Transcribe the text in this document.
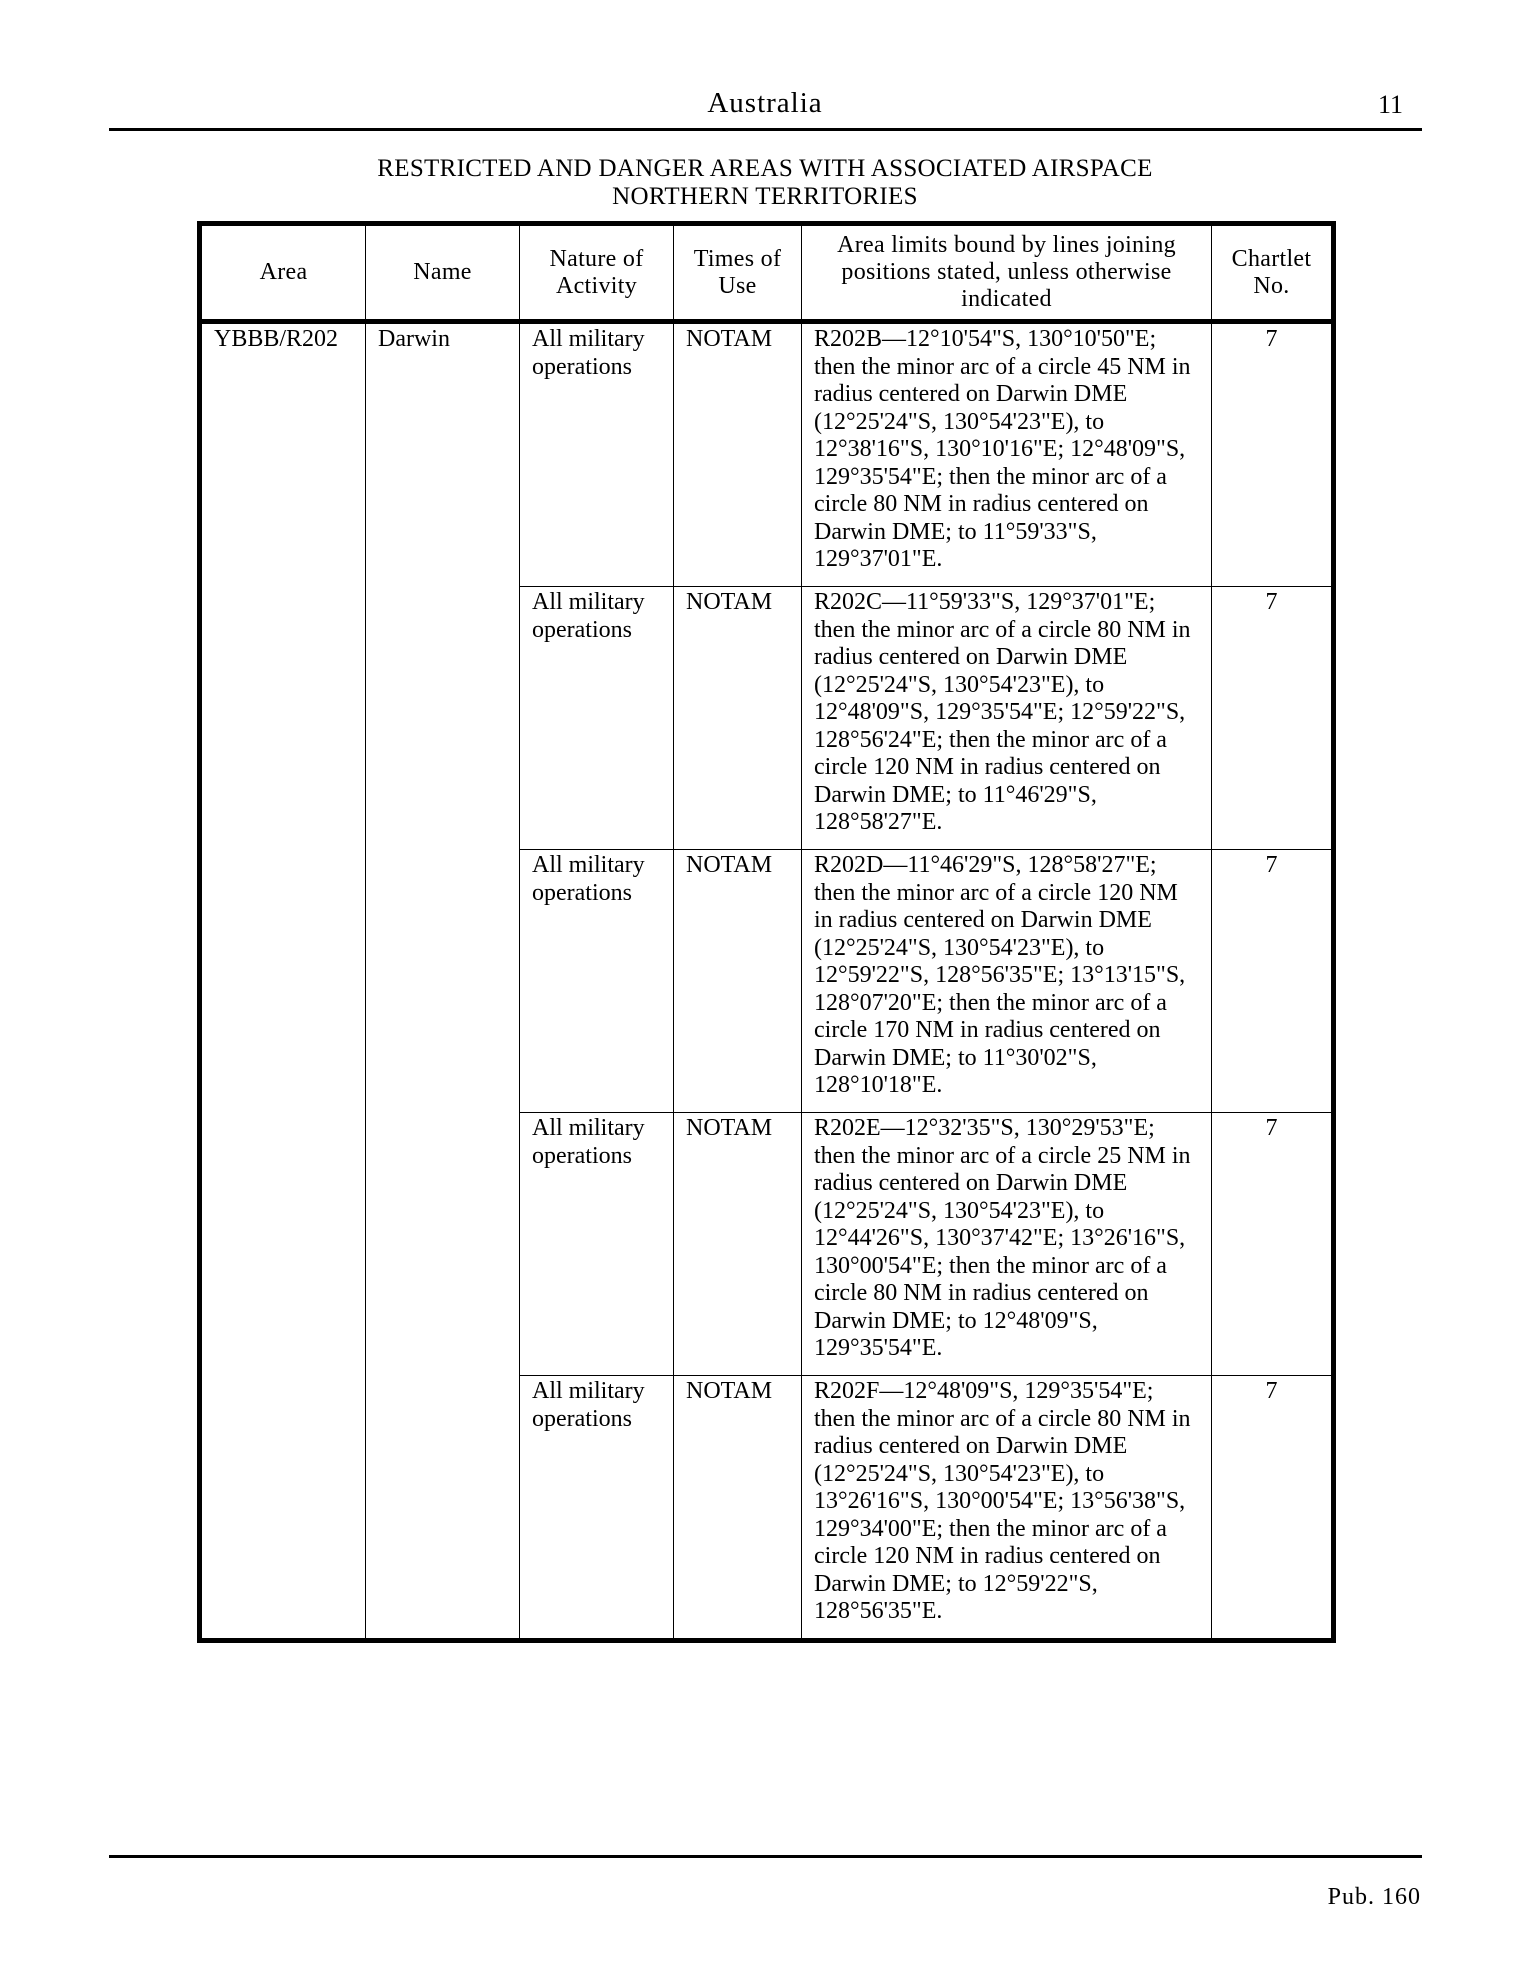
Australia	11
RESTRICTED AND DANGER AREAS WITH ASSOCIATED AIRSPACE
NORTHERN TERRITORIES
Area	Name	Nature of Activity	Times of Use	Area limits bound by lines joining positions stated, unless otherwise indicated	Chartlet No.
YBBB/R202	Darwin	All military operations	NOTAM	R202B—12°10'54"S, 130°10'50"E; then the minor arc of a circle 45 NM in radius centered on Darwin DME (12°25'24"S, 130°54'23"E), to 12°38'16"S, 130°10'16"E; 12°48'09"S, 129°35'54"E; then the minor arc of a circle 80 NM in radius centered on Darwin DME; to 11°59'33"S, 129°37'01"E.	7
		All military operations	NOTAM	R202C—11°59'33"S, 129°37'01"E; then the minor arc of a circle 80 NM in radius centered on Darwin DME (12°25'24"S, 130°54'23"E), to 12°48'09"S, 129°35'54"E; 12°59'22"S, 128°56'24"E; then the minor arc of a circle 120 NM in radius centered on Darwin DME; to 11°46'29"S, 128°58'27"E.	7
		All military operations	NOTAM	R202D—11°46'29"S, 128°58'27"E; then the minor arc of a circle 120 NM in radius centered on Darwin DME (12°25'24"S, 130°54'23"E), to 12°59'22"S, 128°56'35"E; 13°13'15"S, 128°07'20"E; then the minor arc of a circle 170 NM in radius centered on Darwin DME; to 11°30'02"S, 128°10'18"E.	7
		All military operations	NOTAM	R202E—12°32'35"S, 130°29'53"E; then the minor arc of a circle 25 NM in radius centered on Darwin DME (12°25'24"S, 130°54'23"E), to 12°44'26"S, 130°37'42"E; 13°26'16"S, 130°00'54"E; then the minor arc of a circle 80 NM in radius centered on Darwin DME; to 12°48'09"S, 129°35'54"E.	7
		All military operations	NOTAM	R202F—12°48'09"S, 129°35'54"E; then the minor arc of a circle 80 NM in radius centered on Darwin DME (12°25'24"S, 130°54'23"E), to 13°26'16"S, 130°00'54"E; 13°56'38"S, 129°34'00"E; then the minor arc of a circle 120 NM in radius centered on Darwin DME; to 12°59'22"S, 128°56'35"E.	7
Pub. 160
